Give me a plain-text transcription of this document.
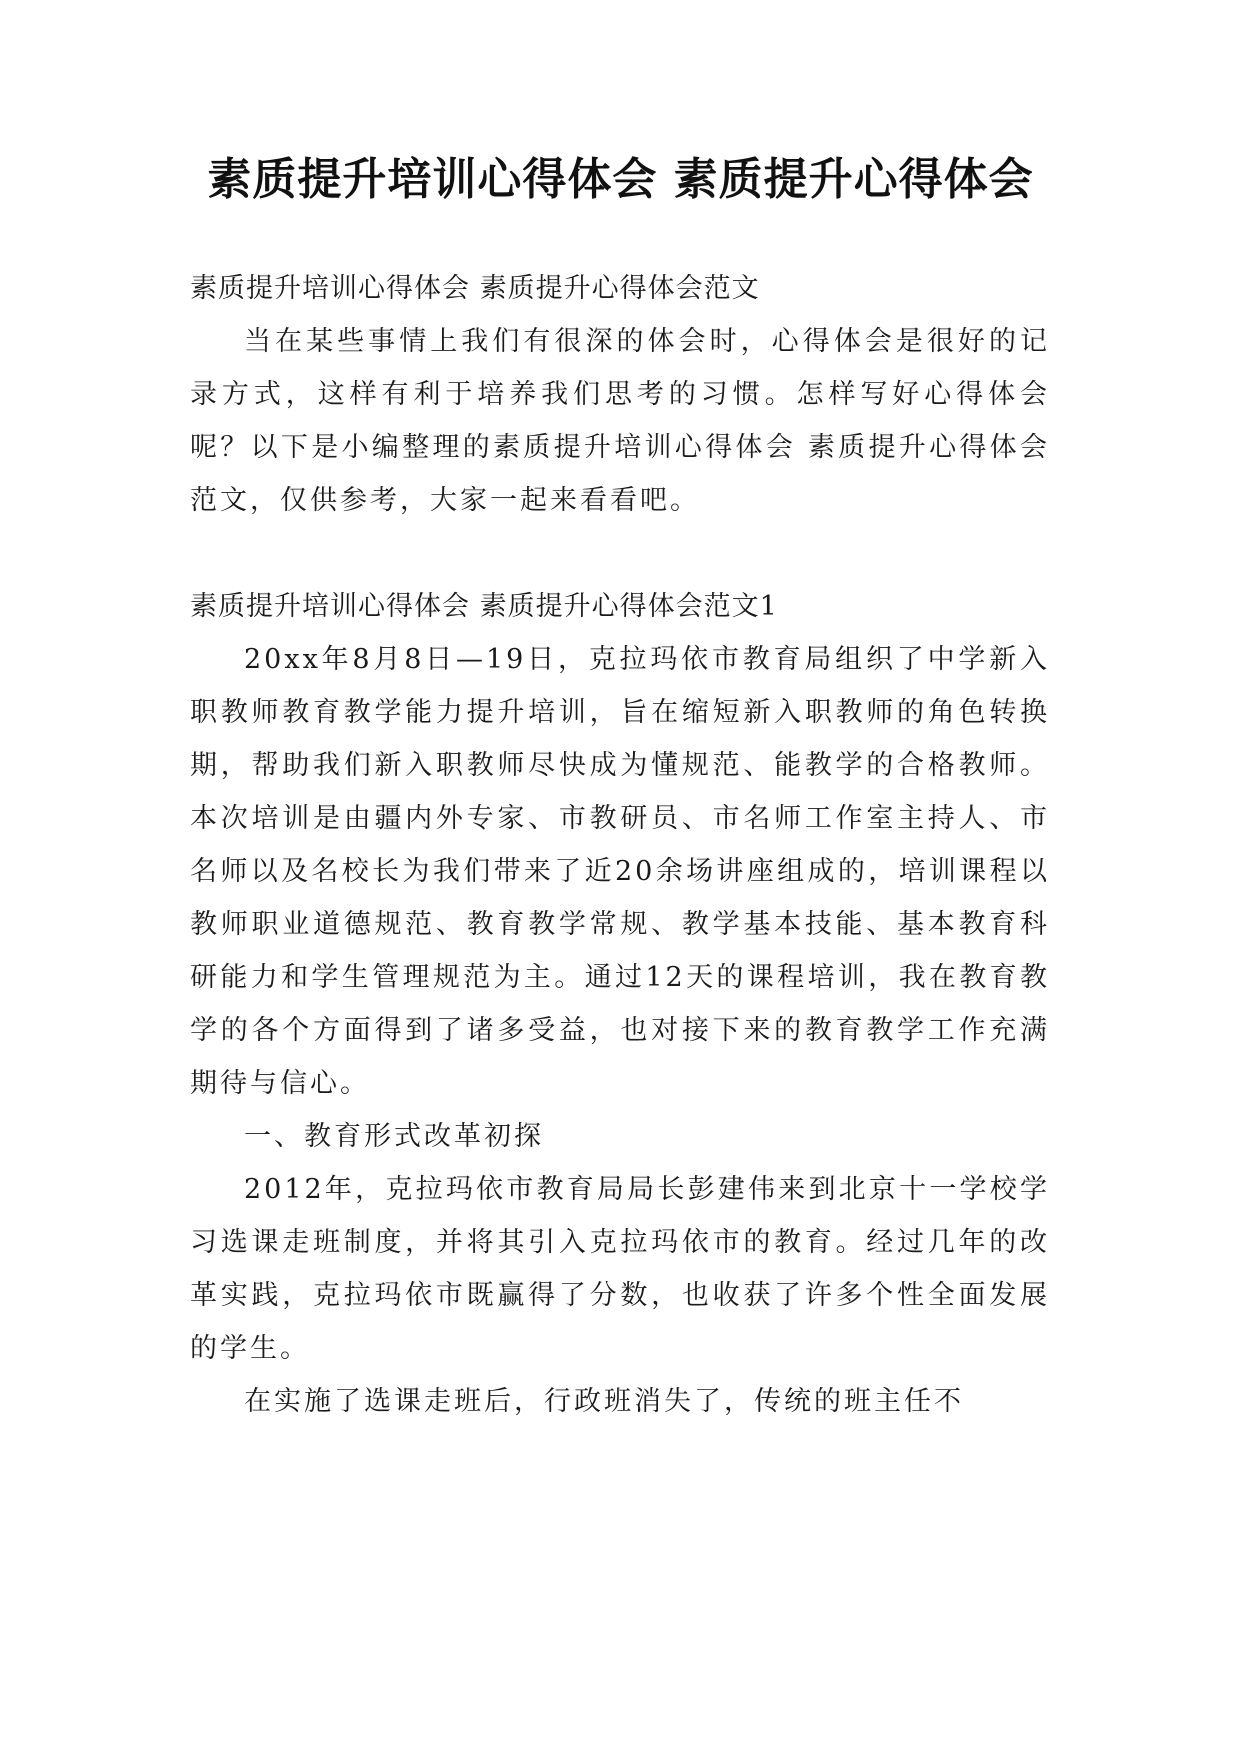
素质提升培训心得体会 素质提升心得体会

素质提升培训心得体会 素质提升心得体会范文

当在某些事情上我们有很深的体会时，心得体会是很好的记录方式，这样有利于培养我们思考的习惯。怎样写好心得体会呢？以下是小编整理的素质提升培训心得体会 素质提升心得体会范文，仅供参考，大家一起来看看吧。

素质提升培训心得体会 素质提升心得体会范文1

20xx年8月8日—19日，克拉玛依市教育局组织了中学新入职教师教育教学能力提升培训，旨在缩短新入职教师的角色转换期，帮助我们新入职教师尽快成为懂规范、能教学的合格教师。本次培训是由疆内外专家、市教研员、市名师工作室主持人、市名师以及名校长为我们带来了近20余场讲座组成的，培训课程以教师职业道德规范、教育教学常规、教学基本技能、基本教育科研能力和学生管理规范为主。通过12天的课程培训，我在教育教学的各个方面得到了诸多受益，也对接下来的教育教学工作充满期待与信心。

一、教育形式改革初探

2012年，克拉玛依市教育局局长彭建伟来到北京十一学校学习选课走班制度，并将其引入克拉玛依市的教育。经过几年的改革实践，克拉玛依市既赢得了分数，也收获了许多个性全面发展的学生。

在实施了选课走班后，行政班消失了，传统的班主任不
